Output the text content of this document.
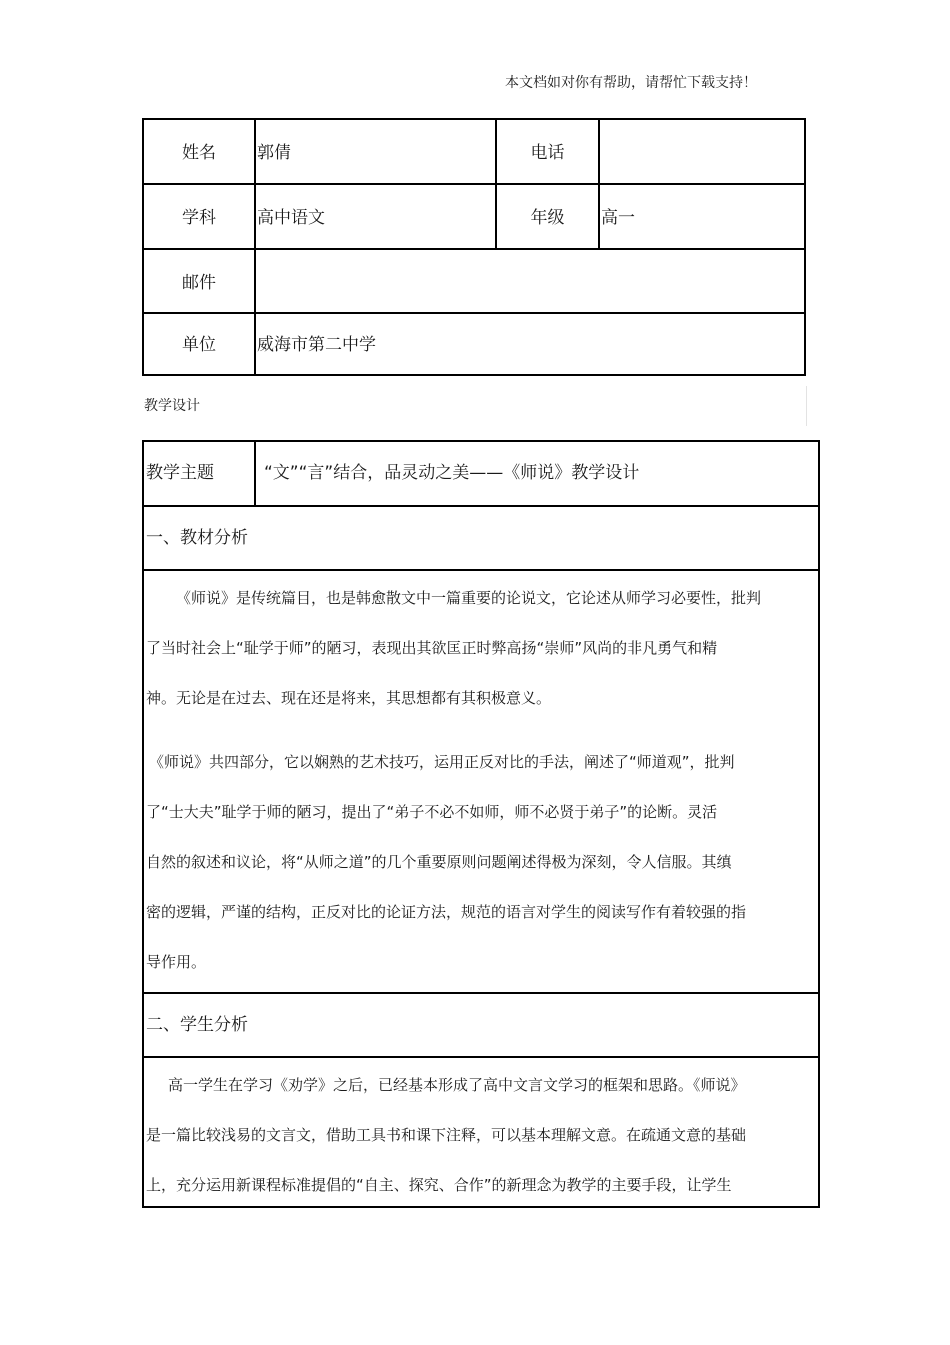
本文档如对你有帮助，请帮忙下载支持！
姓名	郭倩	电话
学科	高中语文	年级	高一
邮件
单位	威海市第二中学
教学设计
教学主题	“文”“言”结合，品灵动之美——《师说》教学设计
一、教材分析
《师说》是传统篇目，也是韩愈散文中一篇重要的论说文，它论述从师学习必要性，批判
了当时社会上“耻学于师”的陋习，表现出其欲匡正时弊高扬“崇师”风尚的非凡勇气和精
神。无论是在过去、现在还是将来，其思想都有其积极意义。
《师说》共四部分，它以娴熟的艺术技巧，运用正反对比的手法，阐述了“师道观”，批判
了“士大夫”耻学于师的陋习，提出了“弟子不必不如师，师不必贤于弟子”的论断。灵活
自然的叙述和议论，将“从师之道”的几个重要原则问题阐述得极为深刻，令人信服。其缜
密的逻辑，严谨的结构，正反对比的论证方法，规范的语言对学生的阅读写作有着较强的指
导作用。
二、学生分析
高一学生在学习《劝学》之后，已经基本形成了高中文言文学习的框架和思路。《师说》
是一篇比较浅易的文言文，借助工具书和课下注释，可以基本理解文意。在疏通文意的基础
上，充分运用新课程标准提倡的“自主、探究、合作”的新理念为教学的主要手段，让学生
